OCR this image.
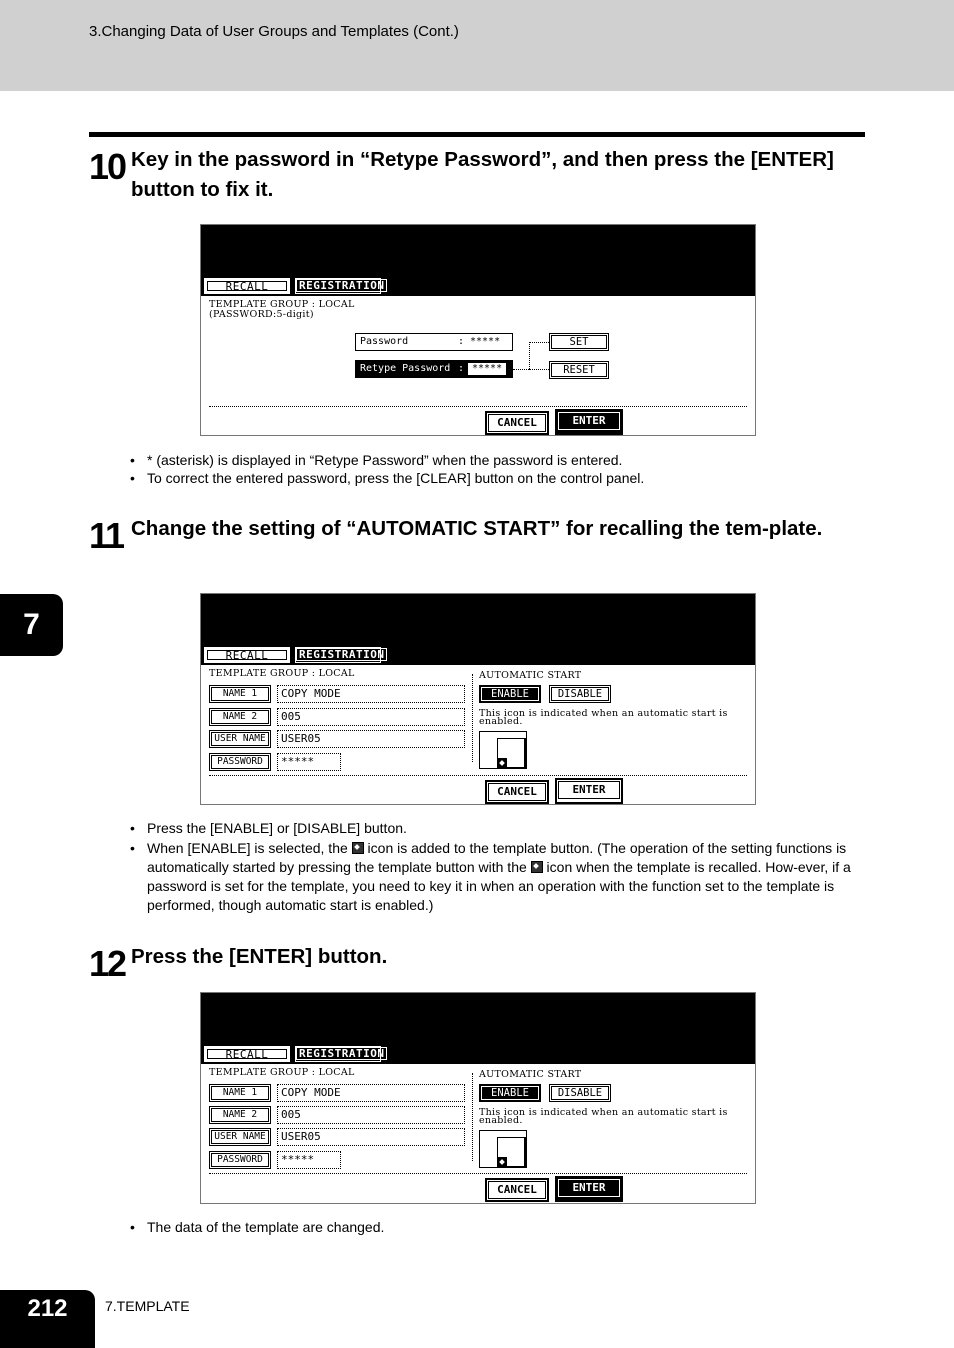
3.Changing Data of User Groups and Templates (Cont.)
10 Key in the password in “Retype Password”, and then press the [ENTER] button to fix it.
RECALL	REGISTRATION
TEMPLATE GROUP : LOCAL
(PASSWORD:5-digit)
Password	: *****
Retype Password : *****
SET
RESET
CANCEL	ENTER
• * (asterisk) is displayed in “Retype Password” when the password is entered.
• To correct the entered password, press the [CLEAR] button on the control panel.
11 Change the setting of “AUTOMATIC START” for recalling the tem-plate.
RECALL	REGISTRATION
TEMPLATE GROUP : LOCAL
NAME 1	COPY MODE
NAME 2	005
USER NAME	USER05
PASSWORD	*****
AUTOMATIC START
ENABLE	DISABLE
This icon is indicated when an automatic start is enabled.
CANCEL	ENTER
• Press the [ENABLE] or [DISABLE] button.
• When [ENABLE] is selected, the  icon is added to the template button. (The operation of the setting functions is automatically started by pressing the template button with the  icon when the template is recalled. How-ever, if a password is set for the template, you need to key it in when an operation with the function set to the template is performed, though automatic start is enabled.)
12 Press the [ENTER] button.
RECALL	REGISTRATION
TEMPLATE GROUP : LOCAL
NAME 1	COPY MODE
NAME 2	005
USER NAME	USER05
PASSWORD	*****
AUTOMATIC START
ENABLE	DISABLE
This icon is indicated when an automatic start is enabled.
CANCEL	ENTER
• The data of the template are changed.
7
212	7.TEMPLATE
